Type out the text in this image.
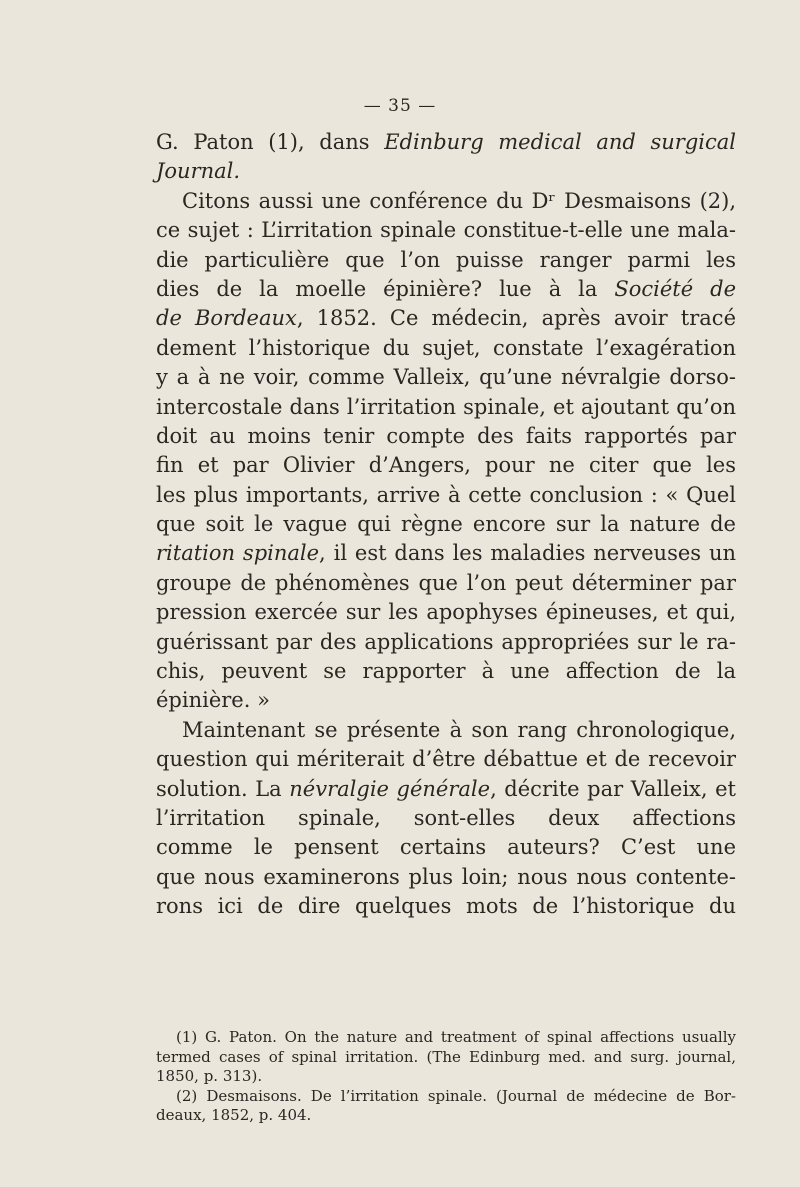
— 35 —
G. Paton (1), dans Edinburg medical and surgical
Journal.
Citons aussi une conférence du Dʳ Desmaisons (2),
ce sujet : L’irritation spinale constitue-t-elle une mala-
die particulière que l’on puisse ranger parmi les
dies de la moelle épinière? lue à la Société de
de Bordeaux, 1852. Ce médecin, après avoir tracé
dement l’historique du sujet, constate l’exagération
y a à ne voir, comme Valleix, qu’une névralgie dorso-
intercostale dans l’irritation spinale, et ajoutant qu’on
doit au moins tenir compte des faits rapportés par
fin et par Olivier d’Angers, pour ne citer que les
les plus importants, arrive à cette conclusion : « Quel
que soit le vague qui règne encore sur la nature de
ritation spinale, il est dans les maladies nerveuses un
groupe de phénomènes que l’on peut déterminer par
pression exercée sur les apophyses épineuses, et qui,
guérissant par des applications appropriées sur le ra-
chis, peuvent se rapporter à une affection de la
épinière. »
Maintenant se présente à son rang chronologique,
question qui mériterait d’être débattue et de recevoir
solution. La névralgie générale, décrite par Valleix, et
l’irritation spinale, sont-elles deux affections
comme le pensent certains auteurs? C’est une
que nous examinerons plus loin; nous nous contente-
rons ici de dire quelques mots de l’historique du
(1) G. Paton. On the nature and treatment of spinal affections usually
termed cases of spinal irritation. (The Edinburg med. and surg. journal,
1850, p. 313).
(2) Desmaisons. De l’irritation spinale. (Journal de médecine de Bor-
deaux, 1852, p. 404.
